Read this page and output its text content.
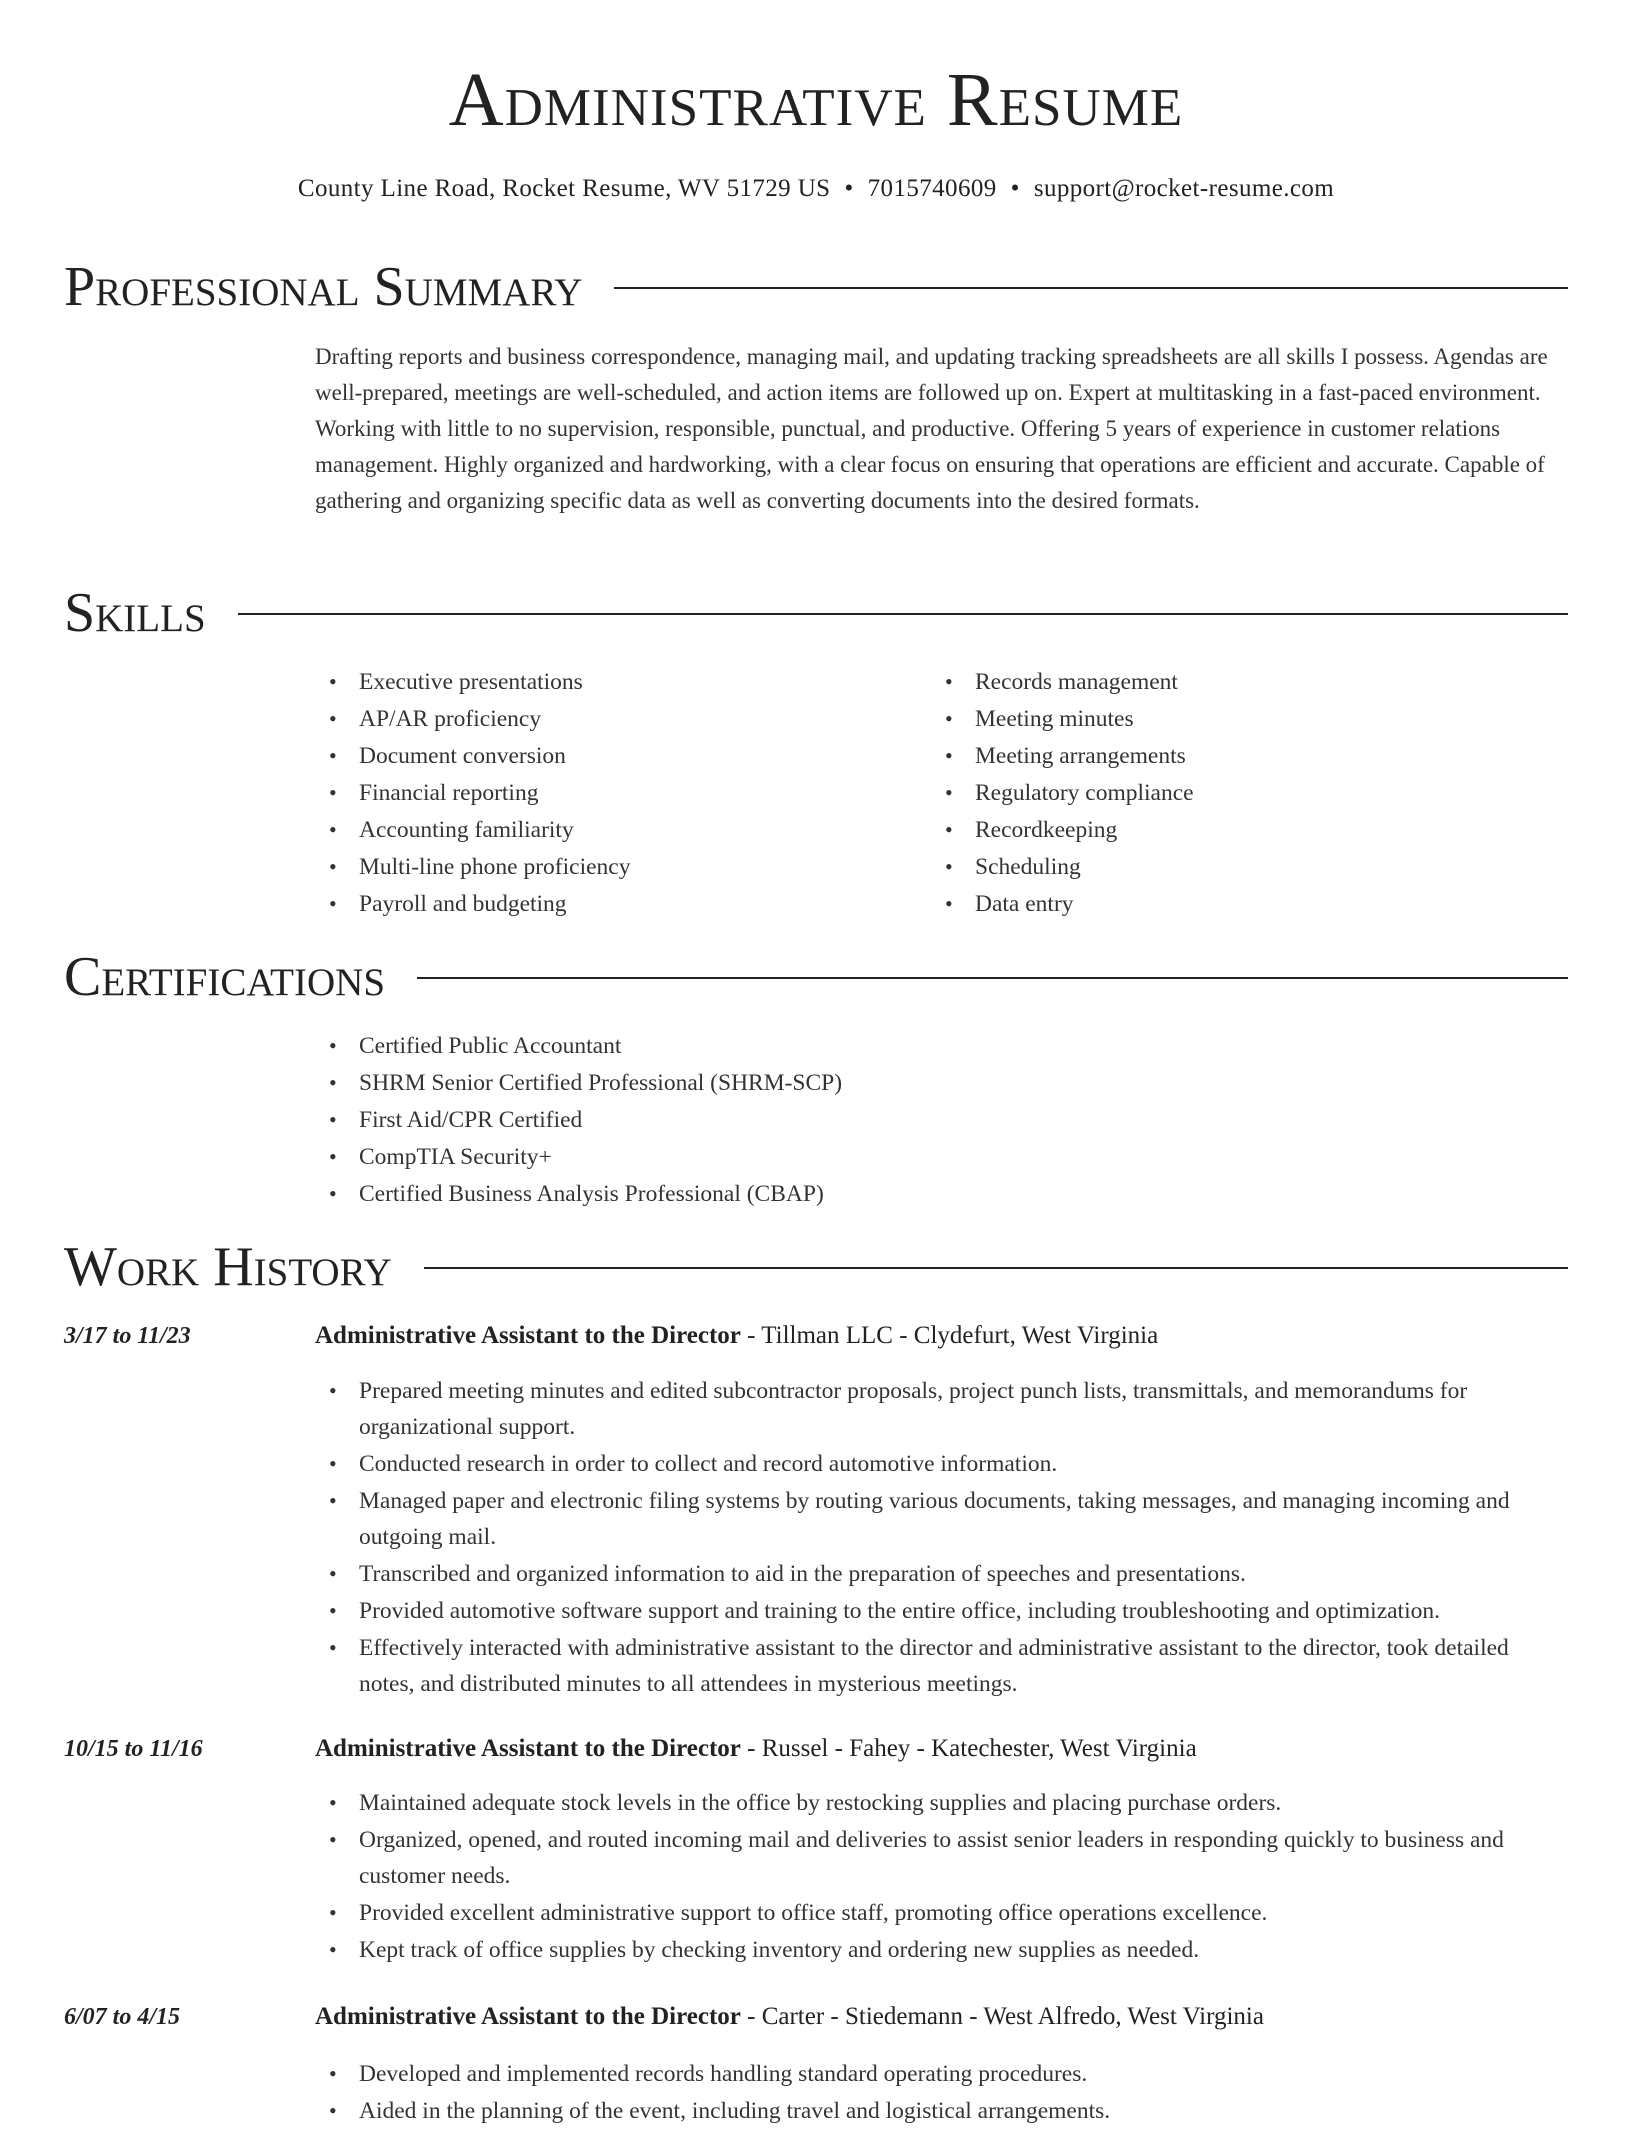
Administrative Resume
County Line Road, Rocket Resume, WV 51729 US • 7015740609 • support@rocket-resume.com
Professional Summary
Drafting reports and business correspondence, managing mail, and updating tracking spreadsheets are all skills I possess. Agendas are well-prepared, meetings are well-scheduled, and action items are followed up on. Expert at multitasking in a fast-paced environment. Working with little to no supervision, responsible, punctual, and productive. Offering 5 years of experience in customer relations management. Highly organized and hardworking, with a clear focus on ensuring that operations are efficient and accurate. Capable of gathering and organizing specific data as well as converting documents into the desired formats.
Skills
• Executive presentations
• AP/AR proficiency
• Document conversion
• Financial reporting
• Accounting familiarity
• Multi-line phone proficiency
• Payroll and budgeting
• Records management
• Meeting minutes
• Meeting arrangements
• Regulatory compliance
• Recordkeeping
• Scheduling
• Data entry
Certifications
• Certified Public Accountant
• SHRM Senior Certified Professional (SHRM-SCP)
• First Aid/CPR Certified
• CompTIA Security+
• Certified Business Analysis Professional (CBAP)
Work History
3/17 to 11/23	Administrative Assistant to the Director - Tillman LLC - Clydefurt, West Virginia
• Prepared meeting minutes and edited subcontractor proposals, project punch lists, transmittals, and memorandums for organizational support.
• Conducted research in order to collect and record automotive information.
• Managed paper and electronic filing systems by routing various documents, taking messages, and managing incoming and outgoing mail.
• Transcribed and organized information to aid in the preparation of speeches and presentations.
• Provided automotive software support and training to the entire office, including troubleshooting and optimization.
• Effectively interacted with administrative assistant to the director and administrative assistant to the director, took detailed notes, and distributed minutes to all attendees in mysterious meetings.
10/15 to 11/16	Administrative Assistant to the Director - Russel - Fahey - Katechester, West Virginia
• Maintained adequate stock levels in the office by restocking supplies and placing purchase orders.
• Organized, opened, and routed incoming mail and deliveries to assist senior leaders in responding quickly to business and customer needs.
• Provided excellent administrative support to office staff, promoting office operations excellence.
• Kept track of office supplies by checking inventory and ordering new supplies as needed.
6/07 to 4/15	Administrative Assistant to the Director - Carter - Stiedemann - West Alfredo, West Virginia
• Developed and implemented records handling standard operating procedures.
• Aided in the planning of the event, including travel and logistical arrangements.
